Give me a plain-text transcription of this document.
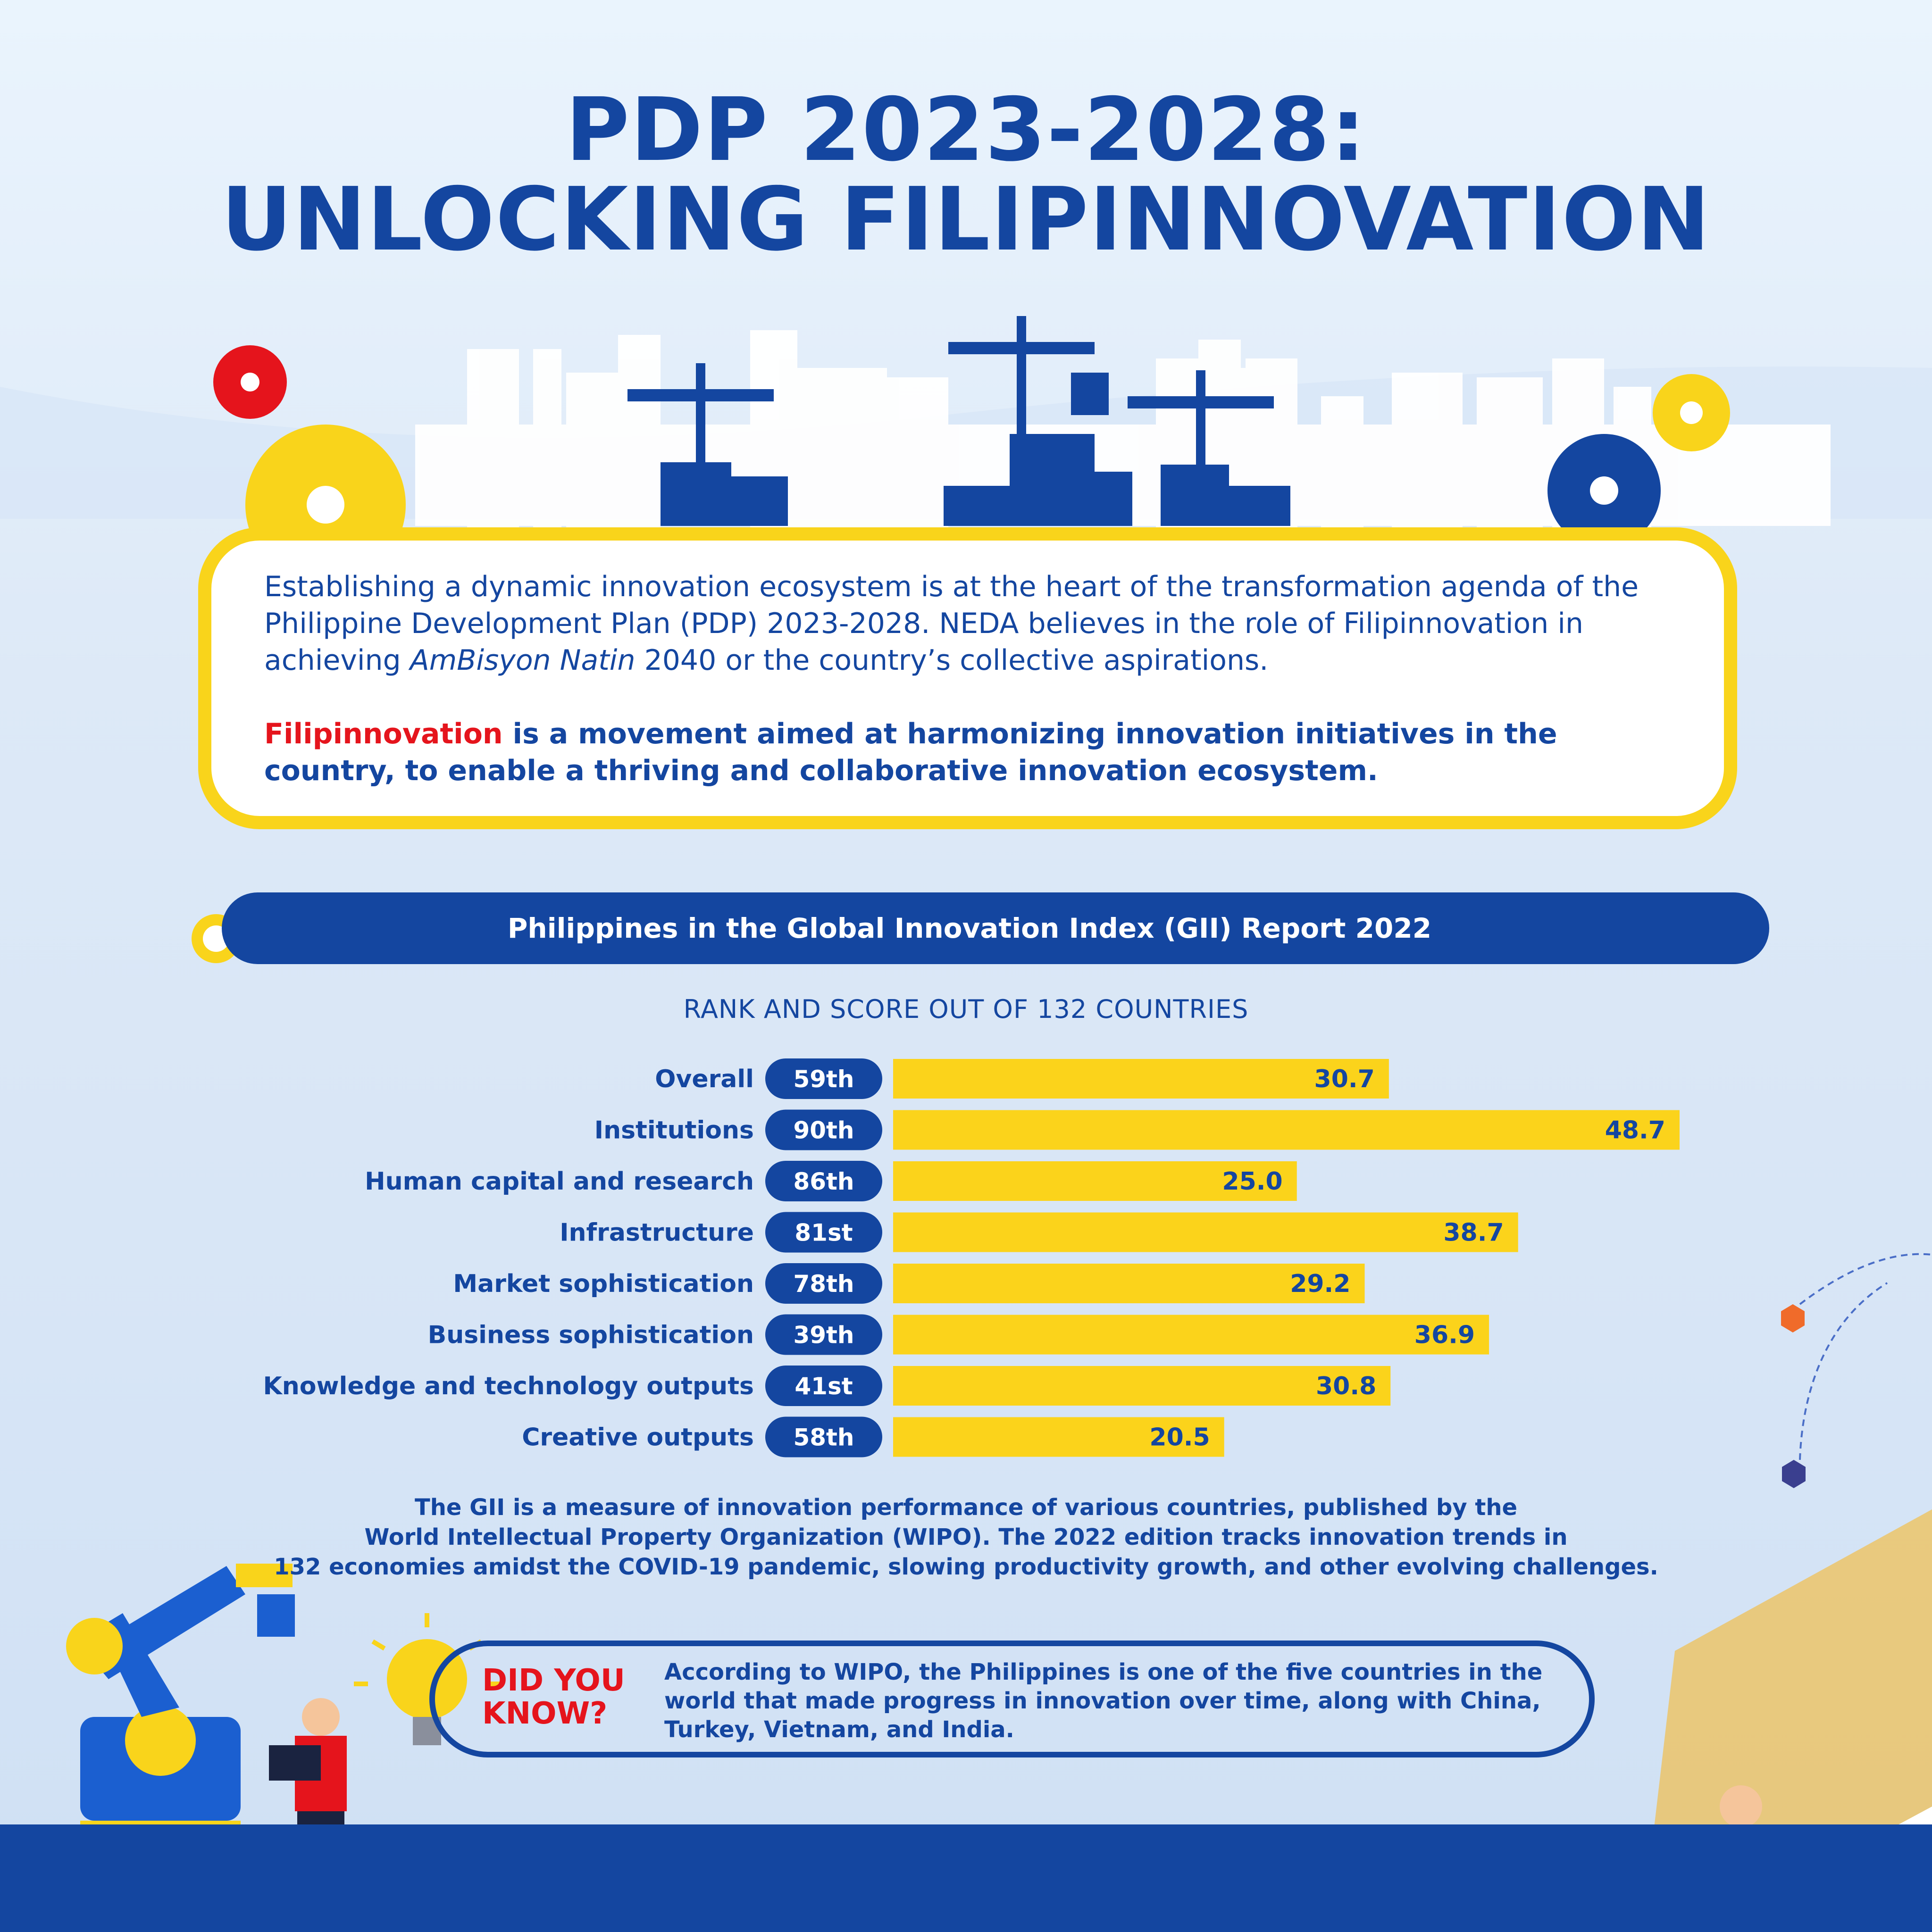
PDP 2023-2028:
UNLOCKING FILIPINNOVATION

Establishing a dynamic innovation ecosystem is at the heart of the transformation agenda of the Philippine Development Plan (PDP) 2023-2028. NEDA believes in the role of Filipinnovation in achieving AmBisyon Natin 2040 or the country’s collective aspirations.

Filipinnovation is a movement aimed at harmonizing innovation initiatives in the country, to enable a thriving and collaborative innovation ecosystem.

Philippines in the Global Innovation Index (GII) Report 2022
RANK AND SCORE OUT OF 132 COUNTRIES
30.7
59th
Overall
48.7
90th
Institutions
25.0
86th
Human capital and research
38.7
81st
Infrastructure
29.2
78th
Market sophistication
36.9
39th
Business sophistication
30.8
41st
Knowledge and technology outputs
20.5
58th
Creative outputs
The GII is a measure of innovation performance of various countries, published by the
World Intellectual Property Organization (WIPO). The 2022 edition tracks innovation trends in
132 economies amidst the COVID-19 pandemic, slowing productivity growth, and other evolving challenges.
DID YOU
KNOW?
According to WIPO, the Philippines is one of the five countries in the
world that made progress in innovation over time, along with China,
Turkey, Vietnam, and India.
